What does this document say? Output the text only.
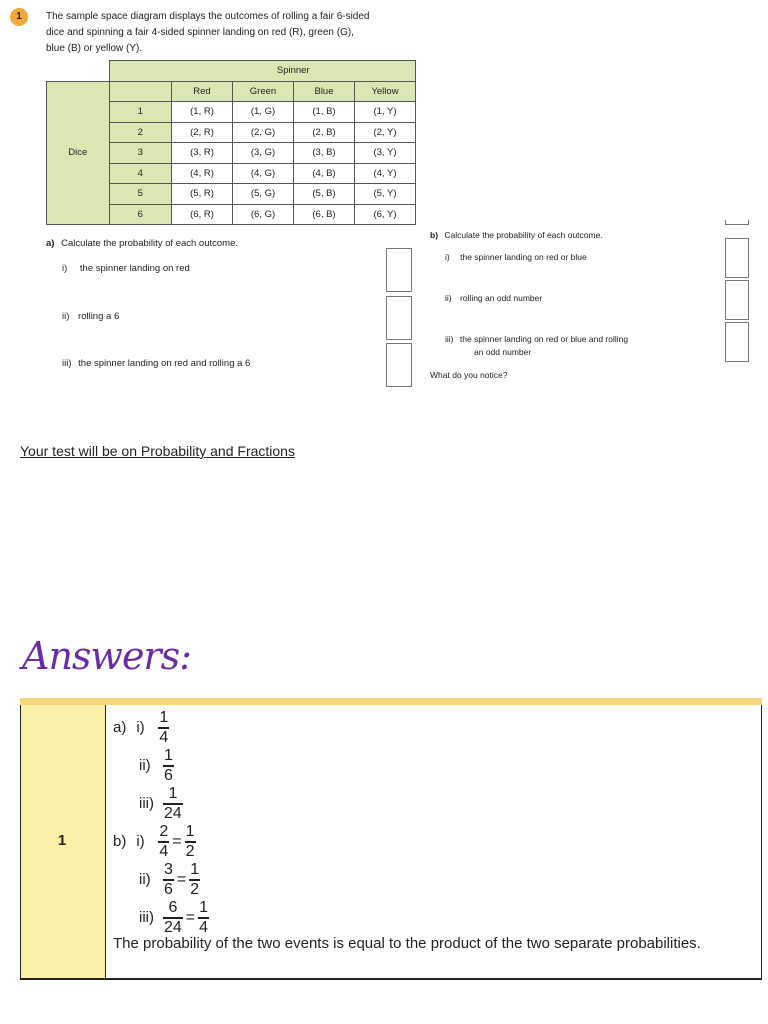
1	The sample space diagram displays the outcomes of rolling a fair 6-sided
dice and spinning a fair 4-sided spinner landing on red (R), green (G),
blue (B) or yellow (Y).
		Spinner			
Dice		Red	Green	Blue	Yellow
	1	(1, R)	(1, G)	(1, B)	(1, Y)
	2	(2, R)	(2, G)	(2, B)	(2, Y)
	3	(3, R)	(3, G)	(3, B)	(3, Y)
	4	(4, R)	(4, G)	(4, B)	(4, Y)
	5	(5, R)	(5, G)	(5, B)	(5, Y)
	6	(6, R)	(6, G)	(6, B)	(6, Y)
a) Calculate the probability of each outcome.
i) the spinner landing on red
ii) rolling a 6
iii) the spinner landing on red and rolling a 6
b) Calculate the probability of each outcome.
i) the spinner landing on red or blue
ii) rolling an odd number
iii) the spinner landing on red or blue and rolling
an odd number
What do you notice?
Your test will be on Probability and Fractions
Answers:
1
a) $i) \frac{1}{4}$
$ii) \frac{1}{6}$
$iii) \frac{1}{24}$
b) $i) \frac{2}{4} = \frac{1}{2}$
$ii) \frac{3}{6} = \frac{1}{2}$
$iii) \frac{6}{24} = \frac{1}{4}$
The probability of the two events is equal to the product of the two separate probabilities.
